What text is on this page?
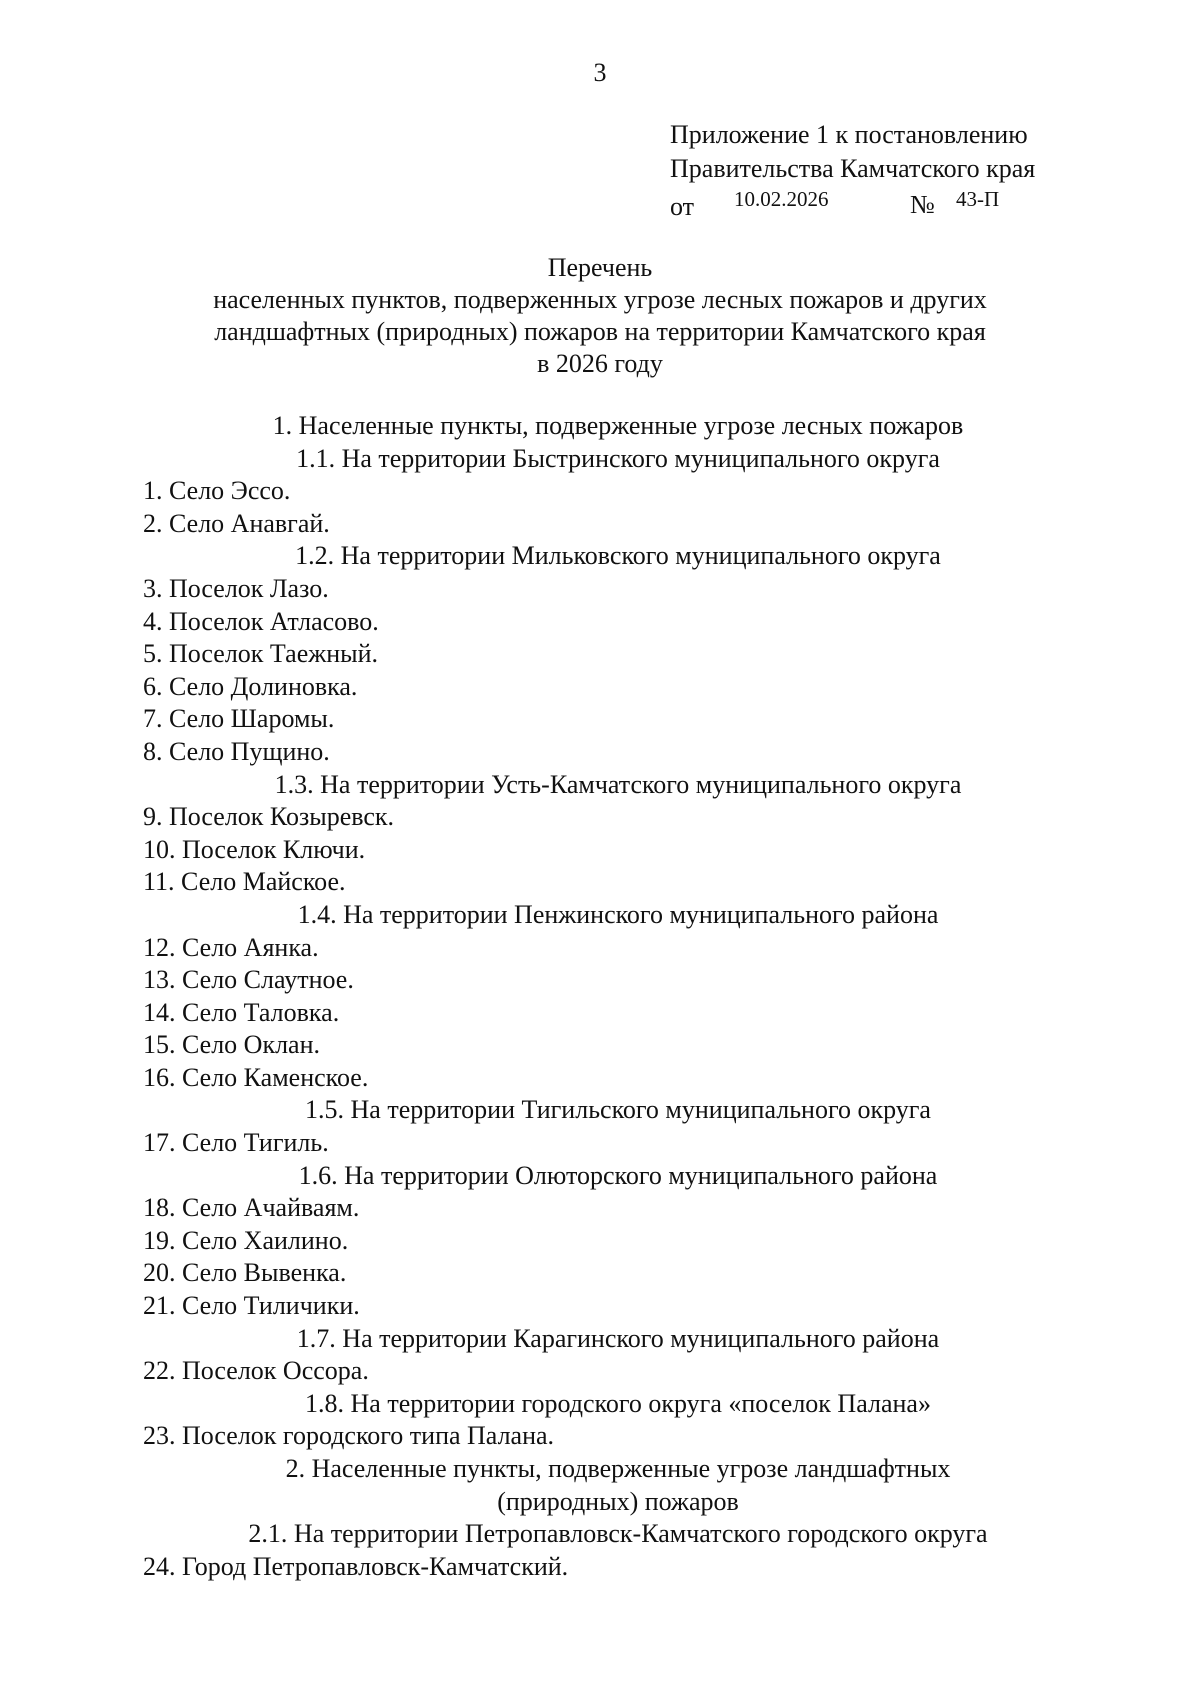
3
Приложение 1 к постановлению
Правительства Камчатского края
от 10.02.2026	№ 43-П
Перечень
населенных пунктов, подверженных угрозе лесных пожаров и других
ландшафтных (природных) пожаров на территории Камчатского края
в 2026 году
1. Населенные пункты, подверженные угрозе лесных пожаров
1.1. На территории Быстринского муниципального округа
1. Село Эссо.
2. Село Анавгай.
1.2. На территории Мильковского муниципального округа
3. Поселок Лазо.
4. Поселок Атласово.
5. Поселок Таежный.
6. Село Долиновка.
7. Село Шаромы.
8. Село Пущино.
1.3. На территории Усть-Камчатского муниципального округа
9. Поселок Козыревск.
10. Поселок Ключи.
11. Село Майское.
1.4. На территории Пенжинского муниципального района
12. Село Аянка.
13. Село Слаутное.
14. Село Таловка.
15. Село Оклан.
16. Село Каменское.
1.5. На территории Тигильского муниципального округа
17. Село Тигиль.
1.6. На территории Олюторского муниципального района
18. Село Ачайваям.
19. Село Хаилино.
20. Село Вывенка.
21. Село Тиличики.
1.7. На территории Карагинского муниципального района
22. Поселок Оссора.
1.8. На территории городского округа «поселок Палана»
23. Поселок городского типа Палана.
2. Населенные пункты, подверженные угрозе ландшафтных
(природных) пожаров
2.1. На территории Петропавловск-Камчатского городского округа
24. Город Петропавловск-Камчатский.
